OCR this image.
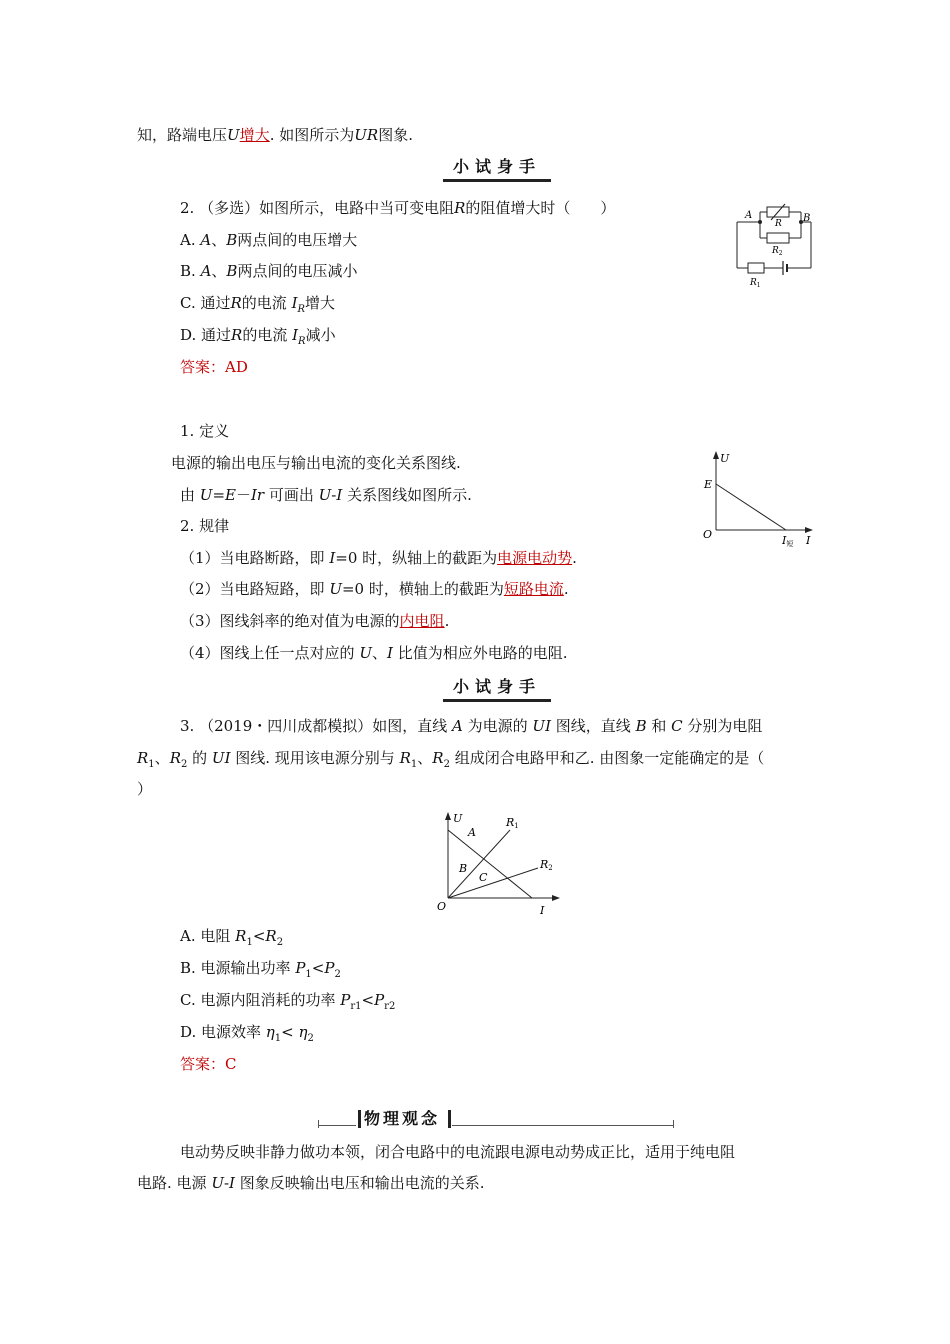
知，路端电压U增大. 如图所示为UR图象.
小试身手
2. （多选）如图所示，电路中当可变电阻R的阻值增大时（　　）
A. A、B两点间的电压增大
B. A、B两点间的电压减小
C. 通过R的电流 $I_R$增大
D. 通过R的电流 $I_R$减小
答案：AD
A	B
R
$R_2$
$R_1$
1. 定义
电源的输出电压与输出电流的变化关系图线.
由 U=E－Ir 可画出 U-I 关系图线如图所示.
2. 规律
（1）当电路断路，即 I=0 时，纵轴上的截距为电源电动势.
（2）当电路短路，即 U=0 时，横轴上的截距为短路电流.
（3）图线斜率的绝对值为电源的内电阻.
（4）图线上任一点对应的 U、I 比值为相应外电路的电阻.
U
E
O	I短 I
小试身手
3. （2019・四川成都模拟）如图，直线 A 为电源的 UI 图线，直线 B 和 C 分别为电阻
$R_1$、$R_2$ 的 UI 图线. 现用该电源分别与 $R_1$、$R_2$ 组成闭合电路甲和乙. 由图象一定能确定的是（
）
U
A
R1
B
C
R2
O	I
A. 电阻 $R_1<R_2$
B. 电源输出功率 $P_1<P_2$
C. 电源内阻消耗的功率 $P_{r1}<P_{r2}$
D. 电源效率 $\eta_1< \eta_2$
答案：C
物理观念
电动势反映非静力做功本领，闭合电路中的电流跟电源电动势成正比，适用于纯电阻
电路. 电源 U-I 图象反映输出电压和输出电流的关系.
